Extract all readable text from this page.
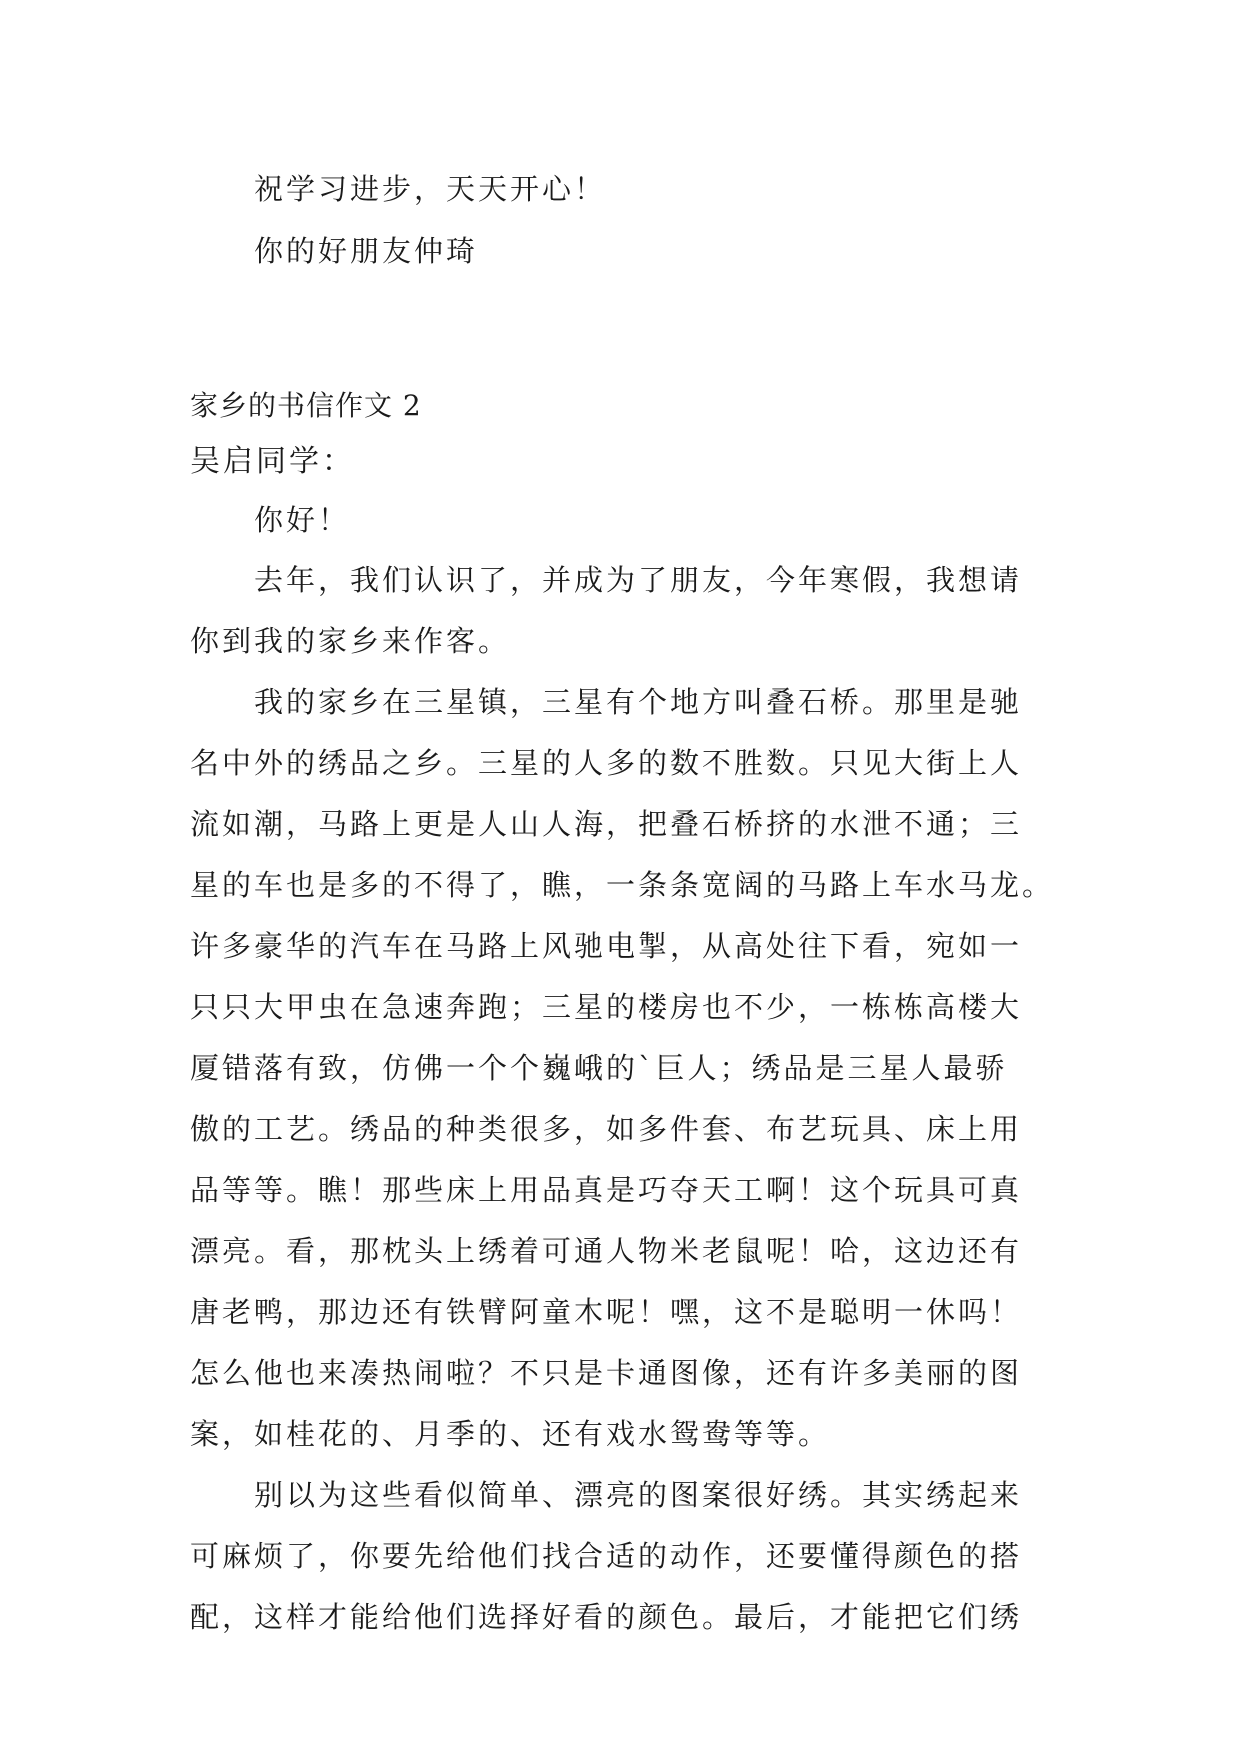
祝学习进步，天天开心！

你的好朋友仲琦

家乡的书信作文 2

吴启同学：

你好！

去年，我们认识了，并成为了朋友，今年寒假，我想请

你到我的家乡来作客。

我的家乡在三星镇，三星有个地方叫叠石桥。那里是驰

名中外的绣品之乡。三星的人多的数不胜数。只见大街上人

流如潮，马路上更是人山人海，把叠石桥挤的水泄不通；三

星的车也是多的不得了，瞧，一条条宽阔的马路上车水马龙。

许多豪华的汽车在马路上风驰电掣，从高处往下看，宛如一

只只大甲虫在急速奔跑；三星的楼房也不少，一栋栋高楼大

厦错落有致，仿佛一个个巍峨的`巨人；绣品是三星人最骄

傲的工艺。绣品的种类很多，如多件套、布艺玩具、床上用

品等等。瞧！那些床上用品真是巧夺天工啊！这个玩具可真

漂亮。看，那枕头上绣着可通人物米老鼠呢！哈，这边还有

唐老鸭，那边还有铁臂阿童木呢！嘿，这不是聪明一休吗！

怎么他也来凑热闹啦？不只是卡通图像，还有许多美丽的图

案，如桂花的、月季的、还有戏水鸳鸯等等。

别以为这些看似简单、漂亮的图案很好绣。其实绣起来

可麻烦了，你要先给他们找合适的动作，还要懂得颜色的搭

配，这样才能给他们选择好看的颜色。最后，才能把它们绣
